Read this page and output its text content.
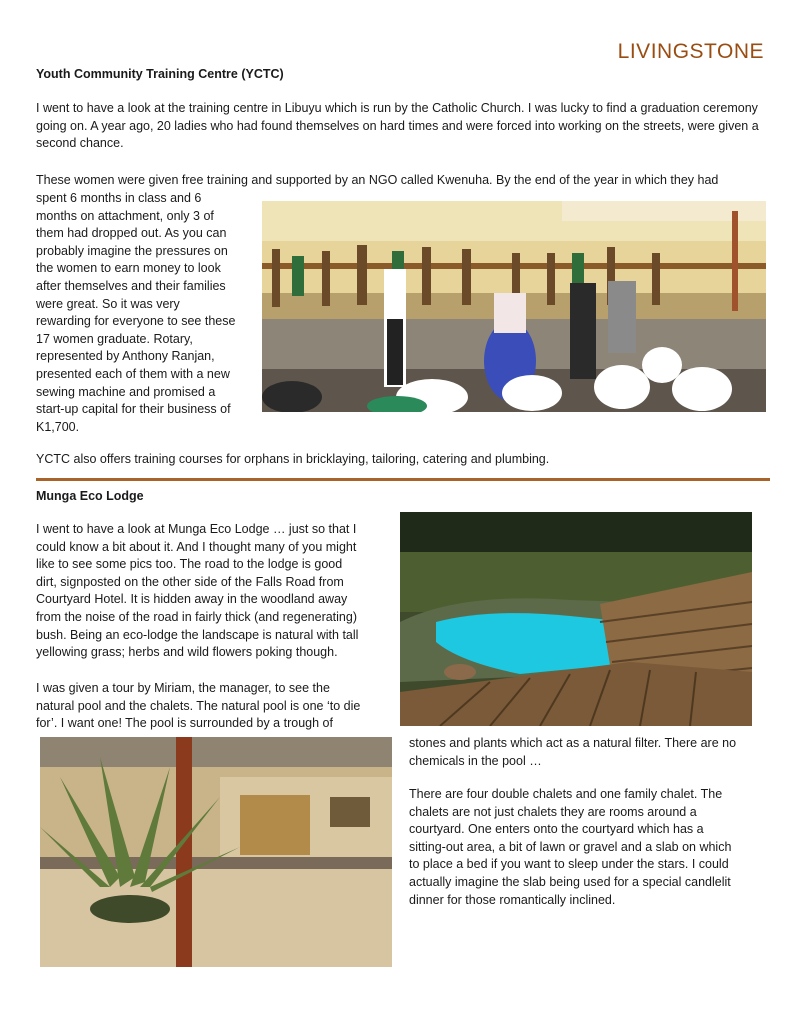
LIVINGSTONE
Youth Community Training Centre (YCTC)

I went to have a look at the training centre in Libuyu which is run by the Catholic Church. I was lucky to find a graduation ceremony going on. A year ago, 20 ladies who had found themselves on hard times and were forced into working on the streets, were given a second chance.

These women were given free training and supported by an NGO called Kwenuha. By the end of the year in which they had

spent 6 months in class and 6
months on attachment, only 3 of
them had dropped out. As you can
probably imagine the pressures on
the women to earn money to look
after themselves and their families
were great. So it was very
rewarding for everyone to see these
17 women graduate. Rotary,
represented by Anthony Ranjan,
presented each of them with a new
sewing machine and promised a
start-up capital for their business of
K1,700.

YCTC also offers training courses for orphans in bricklaying, tailoring, catering and plumbing.

Munga Eco Lodge
I went to have a look at Munga Eco Lodge … just so that I
could know a bit about it. And I thought many of you might
like to see some pics too. The road to the lodge is good
dirt, signposted on the other side of the Falls Road from
Courtyard Hotel. It is hidden away in the woodland away
from the noise of the road in fairly thick (and regenerating)
bush. Being an eco-lodge the landscape is natural with tall
yellowing grass; herbs and wild flowers poking though.
I was given a tour by Miriam, the manager, to see the
natural pool and the chalets. The natural pool is one ‘to die
for’. I want one! The pool is surrounded by a trough of
stones and plants which act as a natural filter. There are no
chemicals in the pool …
There are four double chalets and one family chalet. The
chalets are not just chalets they are rooms around a
courtyard. One enters onto the courtyard which has a
sitting-out area, a bit of lawn or gravel and a slab on which
to place a bed if you want to sleep under the stars. I could
actually imagine the slab being used for a special candlelit
dinner for those romantically inclined.
